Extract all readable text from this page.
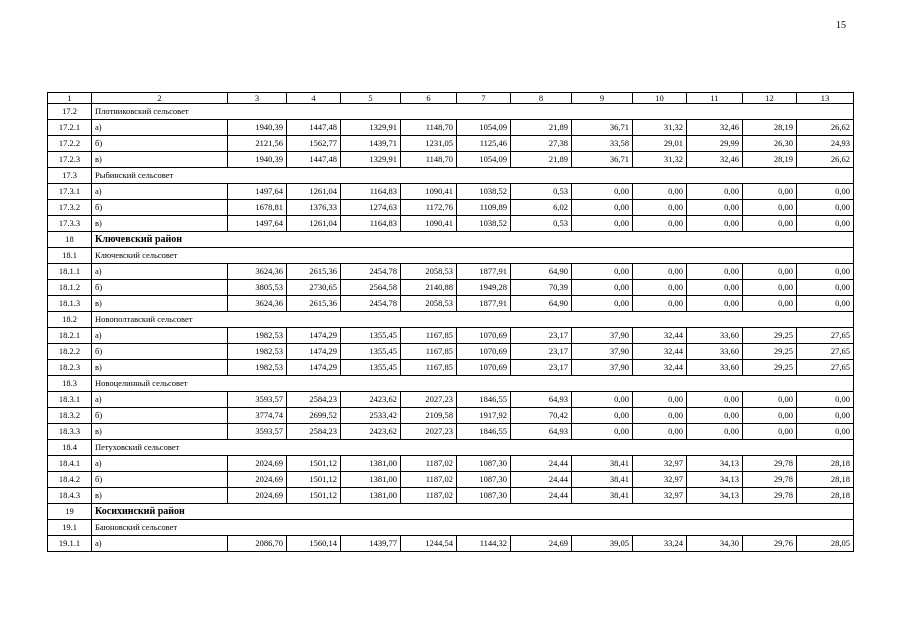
15
1	2	3	4	5	6	7	8	9	10	11	12	13
17.2	Плотниковский сельсовет											
17.2.1	а)	1940,39	1447,48	1329,91	1148,70	1054,09	21,89	36,71	31,32	32,46	28,19	26,62
17.2.2	б)	2121,56	1562,77	1439,71	1231,05	1125,46	27,38	33,58	29,01	29,99	26,30	24,93
17.2.3	в)	1940,39	1447,48	1329,91	1148,70	1054,09	21,89	36,71	31,32	32,46	28,19	26,62
17.3	Рыбинский сельсовет											
17.3.1	а)	1497,64	1261,04	1164,83	1090,41	1038,52	0,53	0,00	0,00	0,00	0,00	0,00
17.3.2	б)	1678,81	1376,33	1274,63	1172,76	1109,89	6,02	0,00	0,00	0,00	0,00	0,00
17.3.3	в)	1497,64	1261,04	1164,83	1090,41	1038,52	0,53	0,00	0,00	0,00	0,00	0,00
18	Ключевский район											
18.1	Ключевский сельсовет											
18.1.1	а)	3624,36	2615,36	2454,78	2058,53	1877,91	64,90	0,00	0,00	0,00	0,00	0,00
18.1.2	б)	3805,53	2730,65	2564,58	2140,88	1949,28	70,39	0,00	0,00	0,00	0,00	0,00
18.1.3	в)	3624,36	2615,36	2454,78	2058,53	1877,91	64,90	0,00	0,00	0,00	0,00	0,00
18.2	Новополтавский сельсовет											
18.2.1	а)	1982,53	1474,29	1355,45	1167,85	1070,69	23,17	37,90	32,44	33,60	29,25	27,65
18.2.2	б)	1982,53	1474,29	1355,45	1167,85	1070,69	23,17	37,90	32,44	33,60	29,25	27,65
18.2.3	в)	1982,53	1474,29	1355,45	1167,85	1070,69	23,17	37,90	32,44	33,60	29,25	27,65
18.3	Новоцелинный сельсовет											
18.3.1	а)	3593,57	2584,23	2423,62	2027,23	1846,55	64,93	0,00	0,00	0,00	0,00	0,00
18.3.2	б)	3774,74	2699,52	2533,42	2109,58	1917,92	70,42	0,00	0,00	0,00	0,00	0,00
18.3.3	в)	3593,57	2584,23	2423,62	2027,23	1846,55	64,93	0,00	0,00	0,00	0,00	0,00
18.4	Петуховский сельсовет											
18.4.1	а)	2024,69	1501,12	1381,00	1187,02	1087,30	24,44	38,41	32,97	34,13	29,78	28,18
18.4.2	б)	2024,69	1501,12	1381,00	1187,02	1087,30	24,44	38,41	32,97	34,13	29,78	28,18
18.4.3	в)	2024,69	1501,12	1381,00	1187,02	1087,30	24,44	38,41	32,97	34,13	29,78	28,18
19	Косихинский район											
19.1	Баюновский сельсовет											
19.1.1	а)	2086,70	1560,14	1439,77	1244,54	1144,32	24,69	39,05	33,24	34,30	29,76	28,05
